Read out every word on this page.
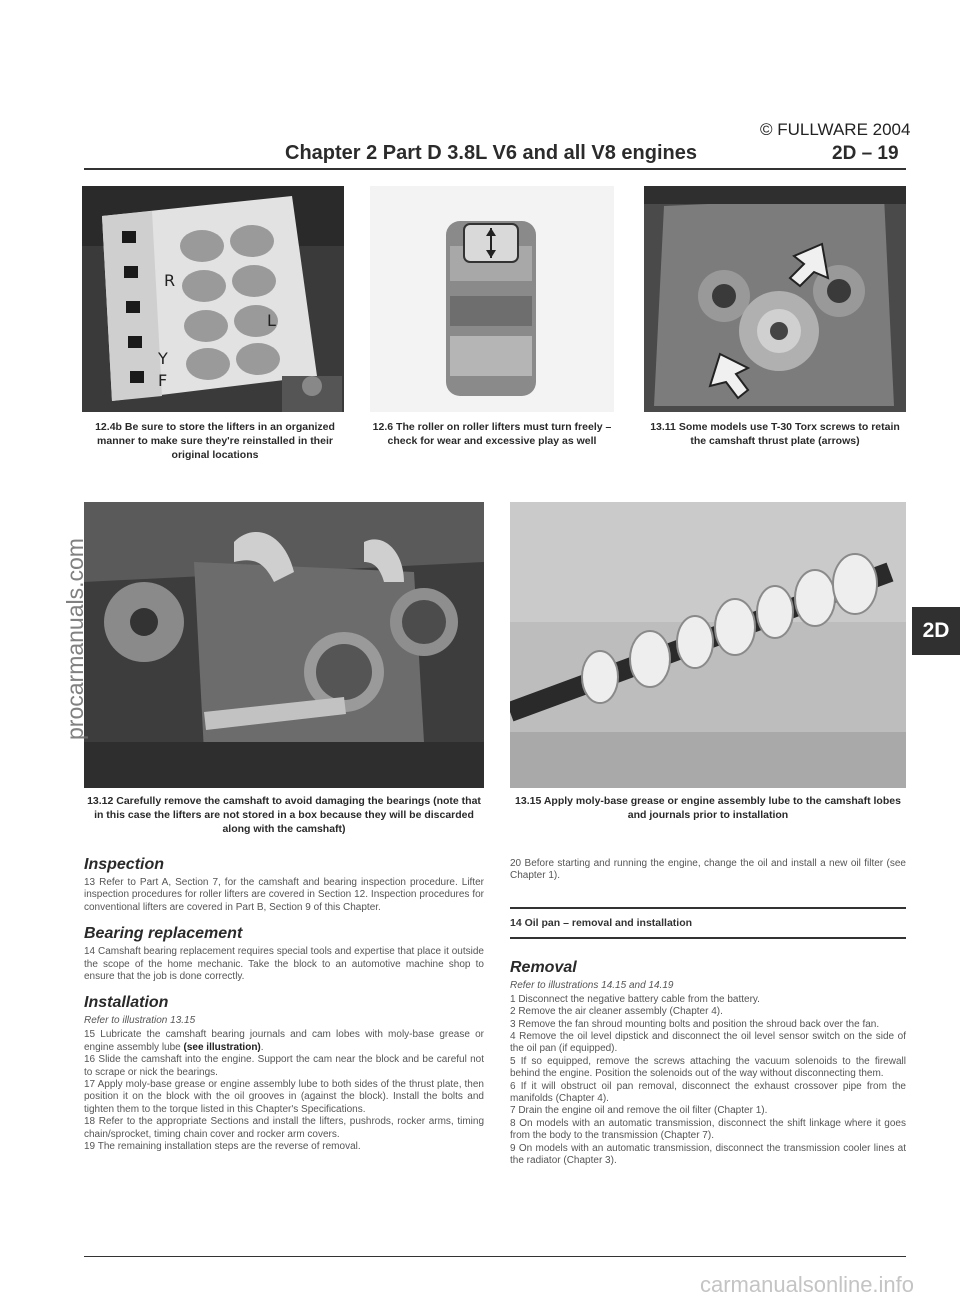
© FULLWARE 2004
Chapter 2 Part D 3.8L V6 and all V8 engines	2D – 19
R
L
Y
F
12.4b Be sure to store the lifters in an organized manner to make sure they're reinstalled in their original locations
12.6 The roller on roller lifters must turn freely – check for wear and excessive play as well
13.11 Some models use T-30 Torx screws to retain the camshaft thrust plate (arrows)
13.12 Carefully remove the camshaft to avoid damaging the bearings (note that in this case the lifters are not stored in a box because they will be discarded along with the camshaft)
13.15 Apply moly-base grease or engine assembly lube to the camshaft lobes and journals prior to installation
2D
procarmanuals.com
Inspection
13 Refer to Part A, Section 7, for the camshaft and bearing inspection procedure. Lifter inspection procedures for roller lifters are covered in Section 12. Inspection procedures for conventional lifters are covered in Part B, Section 9 of this Chapter.
Bearing replacement
14 Camshaft bearing replacement requires special tools and expertise that place it outside the scope of the home mechanic. Take the block to an automotive machine shop to ensure that the job is done correctly.
Installation
Refer to illustration 13.15
15 Lubricate the camshaft bearing journals and cam lobes with moly-base grease or engine assembly lube (see illustration).
16 Slide the camshaft into the engine. Support the cam near the block and be careful not to scrape or nick the bearings.
17 Apply moly-base grease or engine assembly lube to both sides of the thrust plate, then position it on the block with the oil grooves in (against the block). Install the bolts and tighten them to the torque listed in this Chapter's Specifications.
18 Refer to the appropriate Sections and install the lifters, pushrods, rocker arms, timing chain/sprocket, timing chain cover and rocker arm covers.
19 The remaining installation steps are the reverse of removal.
20 Before starting and running the engine, change the oil and install a new oil filter (see Chapter 1).
14 Oil pan – removal and installation
Removal
Refer to illustrations 14.15 and 14.19

1 Disconnect the negative battery cable from the battery.

2 Remove the air cleaner assembly (Chapter 4).

3 Remove the fan shroud mounting bolts and position the shroud back over the fan.

4 Remove the oil level dipstick and disconnect the oil level sensor switch on the side of the oil pan (if equipped).

5 If so equipped, remove the screws attaching the vacuum solenoids to the firewall behind the engine. Position the solenoids out of the way without disconnecting them.

6 If it will obstruct oil pan removal, disconnect the exhaust crossover pipe from the manifolds (Chapter 4).

7 Drain the engine oil and remove the oil filter (Chapter 1).

8 On models with an automatic transmission, disconnect the shift linkage where it goes from the body to the transmission (Chapter 7).

9 On models with an automatic transmission, disconnect the transmission cooler lines at the radiator (Chapter 3).

carmanualsonline.info
